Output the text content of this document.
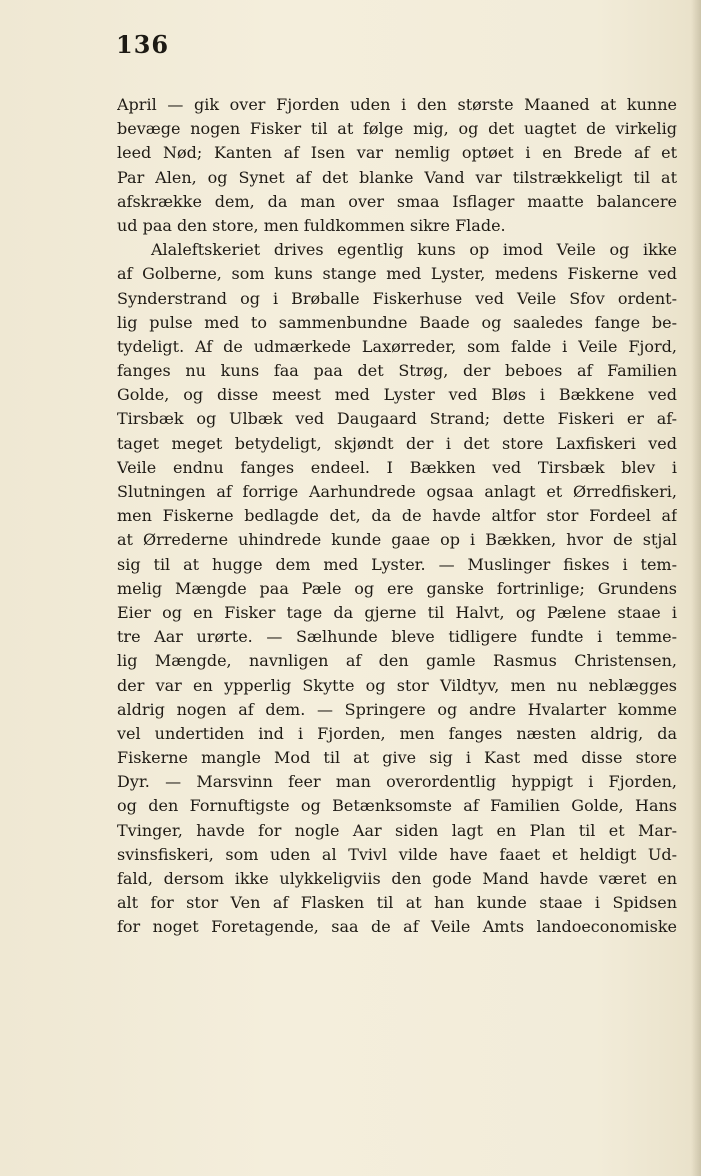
136
April — gik over Fjorden uden i den største Maaned at kunne
bevæge nogen Fisker til at følge mig, og det uagtet de virkelig
leed Nød; Kanten af Isen var nemlig optøet i en Brede af et
Par Alen, og Synet af det blanke Vand var tilstrækkeligt til at
afskrække dem, da man over smaa Isflager maatte balancere
ud paa den store, men fuldkommen sikre Flade.
Alaleftskeriet drives egentlig kuns op imod Veile og ikke
af Golberne, som kuns stange med Lyster, medens Fiskerne ved
Synderstrand og i Brøballe Fiskerhuse ved Veile Sfov ordent-
lig pulse med to sammenbundne Baade og saaledes fange be-
tydeligt. Af de udmærkede Laxørreder, som falde i Veile Fjord,
fanges nu kuns faa paa det Strøg, der beboes af Familien
Golde, og disse meest med Lyster ved Bløs i Bækkene ved
Tirsbæk og Ulbæk ved Daugaard Strand; dette Fiskeri er af-
taget meget betydeligt, skjøndt der i det store Laxfiskeri ved
Veile endnu fanges endeel. I Bækken ved Tirsbæk blev i
Slutningen af forrige Aarhundrede ogsaa anlagt et Ørredfiskeri,
men Fiskerne bedlagde det, da de havde altfor stor Fordeel af
at Ørrederne uhindrede kunde gaae op i Bækken, hvor de stjal
sig til at hugge dem med Lyster. — Muslinger fiskes i tem-
melig Mængde paa Pæle og ere ganske fortrinlige; Grundens
Eier og en Fisker tage da gjerne til Halvt, og Pælene staae i
tre Aar urørte. — Sælhunde bleve tidligere fundte i temme-
lig Mængde, navnligen af den gamle Rasmus Christensen,
der var en ypperlig Skytte og stor Vildtyv, men nu neblægges
aldrig nogen af dem. — Springere og andre Hvalarter komme
vel undertiden ind i Fjorden, men fanges næsten aldrig, da
Fiskerne mangle Mod til at give sig i Kast med disse store
Dyr. — Marsvinn feer man overordentlig hyppigt i Fjorden,
og den Fornuftigste og Betænksomste af Familien Golde, Hans
Tvinger, havde for nogle Aar siden lagt en Plan til et Mar-
svinsfiskeri, som uden al Tvivl vilde have faaet et heldigt Ud-
fald, dersom ikke ulykkeligviis den gode Mand havde været en
alt for stor Ven af Flasken til at han kunde staae i Spidsen
for noget Foretagende, saa de af Veile Amts landoeconomiske
